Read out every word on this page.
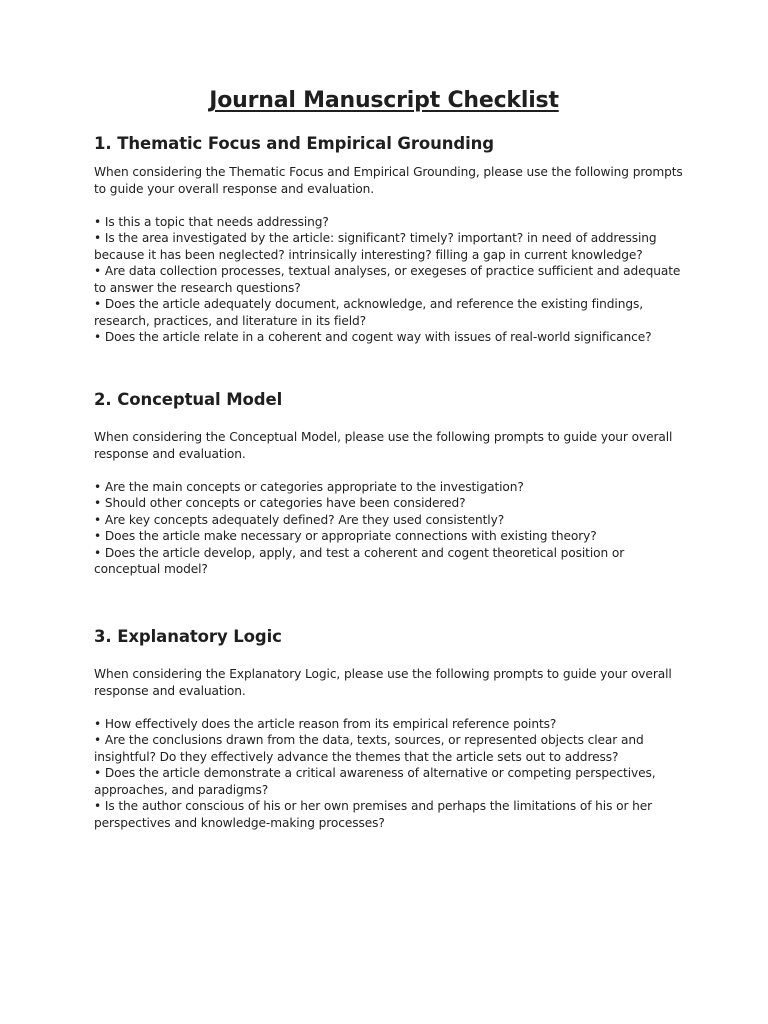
Journal Manuscript Checklist
1. Thematic Focus and Empirical Grounding

When considering the Thematic Focus and Empirical Grounding, please use the following prompts to guide your overall response and evaluation.

• Is this a topic that needs addressing?

• Is the area investigated by the article: significant? timely? important? in need of addressing because it has been neglected? intrinsically interesting? filling a gap in current knowledge?

• Are data collection processes, textual analyses, or exegeses of practice sufficient and adequate to answer the research questions?

• Does the article adequately document, acknowledge, and reference the existing findings, research, practices, and literature in its field?

• Does the article relate in a coherent and cogent way with issues of real-world significance?

2. Conceptual Model

When considering the Conceptual Model, please use the following prompts to guide your overall response and evaluation.

• Are the main concepts or categories appropriate to the investigation?

• Should other concepts or categories have been considered?

• Are key concepts adequately defined? Are they used consistently?

• Does the article make necessary or appropriate connections with existing theory?

• Does the article develop, apply, and test a coherent and cogent theoretical position or conceptual model?

3. Explanatory Logic

When considering the Explanatory Logic, please use the following prompts to guide your overall response and evaluation.

• How effectively does the article reason from its empirical reference points?

• Are the conclusions drawn from the data, texts, sources, or represented objects clear and insightful? Do they effectively advance the themes that the article sets out to address?

• Does the article demonstrate a critical awareness of alternative or competing perspectives, approaches, and paradigms?

• Is the author conscious of his or her own premises and perhaps the limitations of his or her perspectives and knowledge-making processes?
